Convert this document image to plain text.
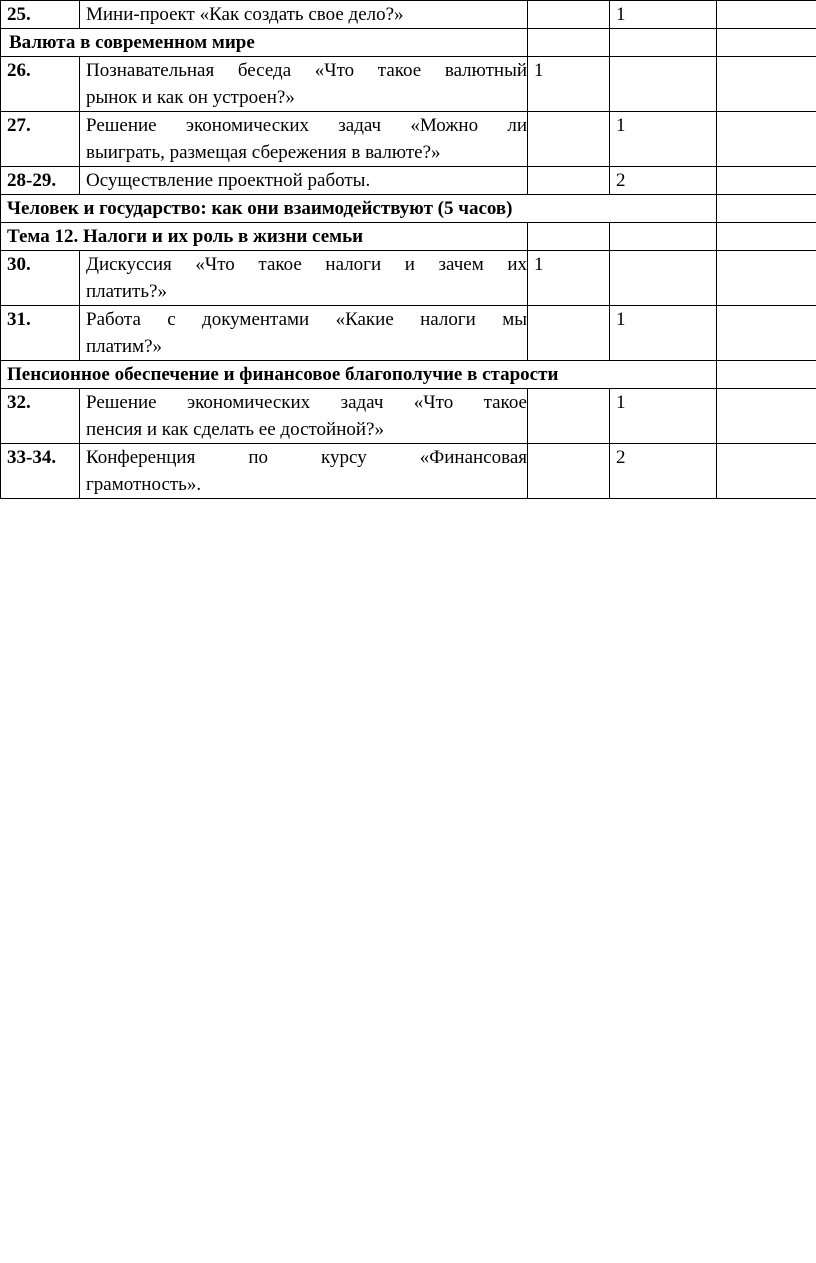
25.	Мини-проект «Как создать свое дело?»		1	
Валюта в современном мире				
26.	Познавательная беседа «Что такое валютный
рынок и как он устроен?»	1		
27.	Решение экономических задач «Можно ли
выиграть, размещая сбережения в валюте?»		1	
28-29.	Осуществление проектной работы.		2	
Человек и государство: как они взаимодействуют (5 часов)				
Тема 12. Налоги и их роль в жизни семьи				
30.	Дискуссия «Что такое налоги и зачем их
платить?»	1		
31.	Работа с документами «Какие налоги мы
платим?»		1	
Пенсионное обеспечение и финансовое благополучие в старости				
32.	Решение экономических задач «Что такое
пенсия и как сделать ее достойной?»		1	
33-34.	Конференция по курсу «Финансовая
грамотность».		2	
